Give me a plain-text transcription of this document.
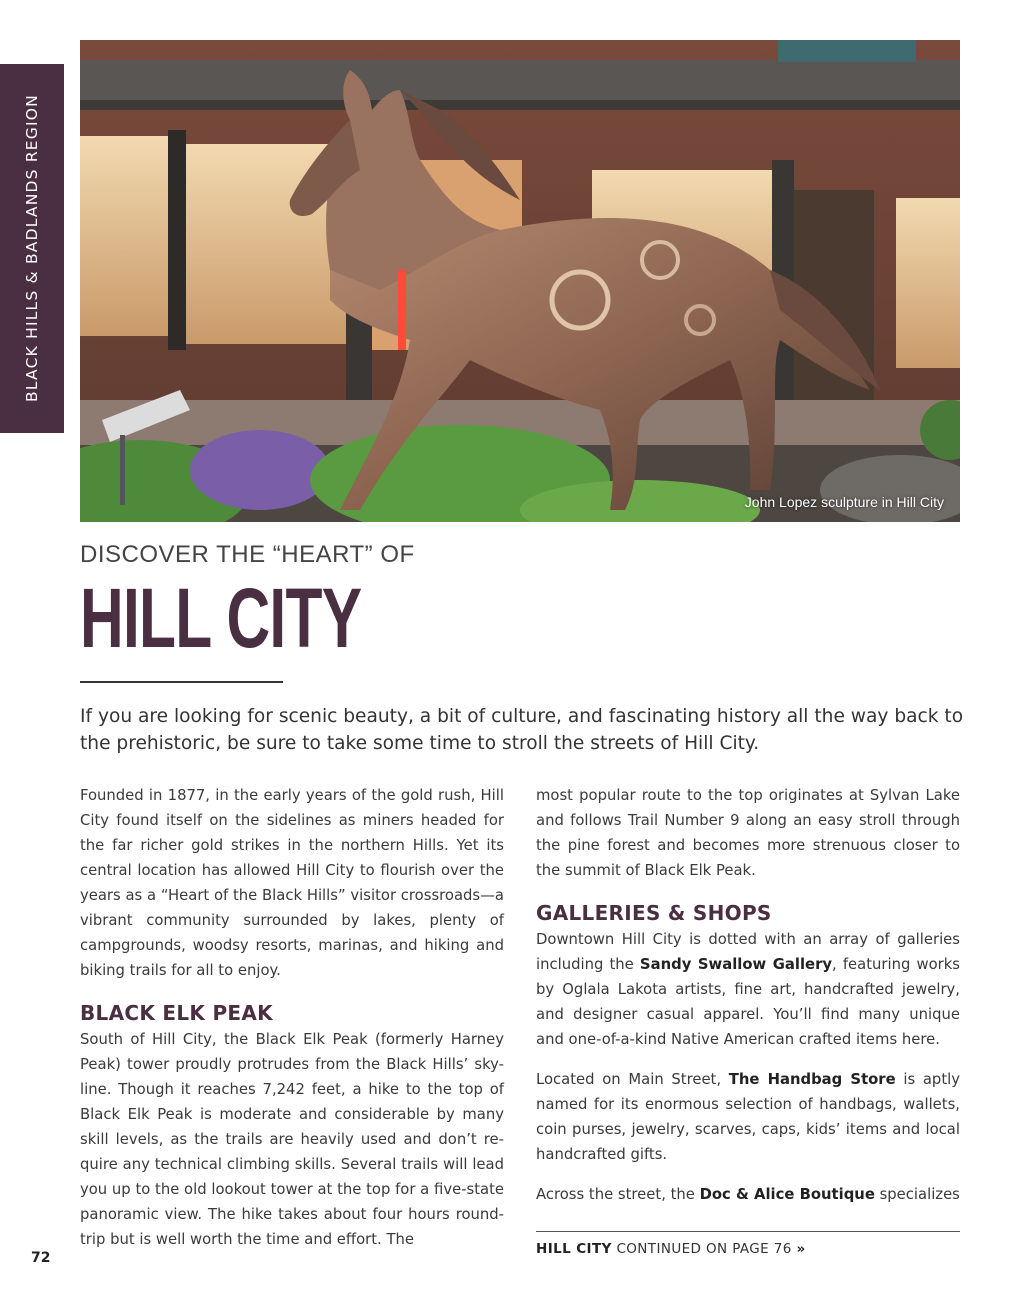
BLACK HILLS & BADLANDS REGION
John Lopez sculpture in Hill City
DISCOVER THE “HEART” OF
HILL CITY

If you are looking for scenic beauty, a bit of culture, and fascinating history all the way back to the prehistoric, be sure to take some time to stroll the streets of Hill City.

Founded in 1877, in the early years of the gold rush, Hill City found itself on the sidelines as miners headed for the far richer gold strikes in the northern Hills. Yet its central location has allowed Hill City to flourish over the years as a “Heart of the Black Hills” visitor crossroads—a vibrant community surrounded by lakes, plenty of campgrounds, woodsy resorts, marinas, and hiking and biking trails for all to enjoy.

BLACK ELK PEAK

South of Hill City, the Black Elk Peak (formerly Harney Peak) tower proudly protrudes from the Black Hills’ sky-line. Though it reaches 7,242 feet, a hike to the top of Black Elk Peak is moderate and considerable by many skill levels, as the trails are heavily used and don’t re-quire any technical climbing skills. Several trails will lead you up to the old lookout tower at the top for a five-state panoramic view. The hike takes about four hours round-trip but is well worth the time and effort. The

most popular route to the top originates at Sylvan Lake and follows Trail Number 9 along an easy stroll through the pine forest and becomes more strenuous closer to the summit of Black Elk Peak.

GALLERIES & SHOPS

Downtown Hill City is dotted with an array of galleries including the Sandy Swallow Gallery, featuring works by Oglala Lakota artists, fine art, handcrafted jewelry, and designer casual apparel. You’ll find many unique and one-of-a-kind Native American crafted items here.

Located on Main Street, The Handbag Store is aptly named for its enormous selection of handbags, wallets, coin purses, jewelry, scarves, caps, kids’ items and local handcrafted gifts.

Across the street, the Doc & Alice Boutique specializes

HILL CITY CONTINUED ON PAGE 76 »
72
